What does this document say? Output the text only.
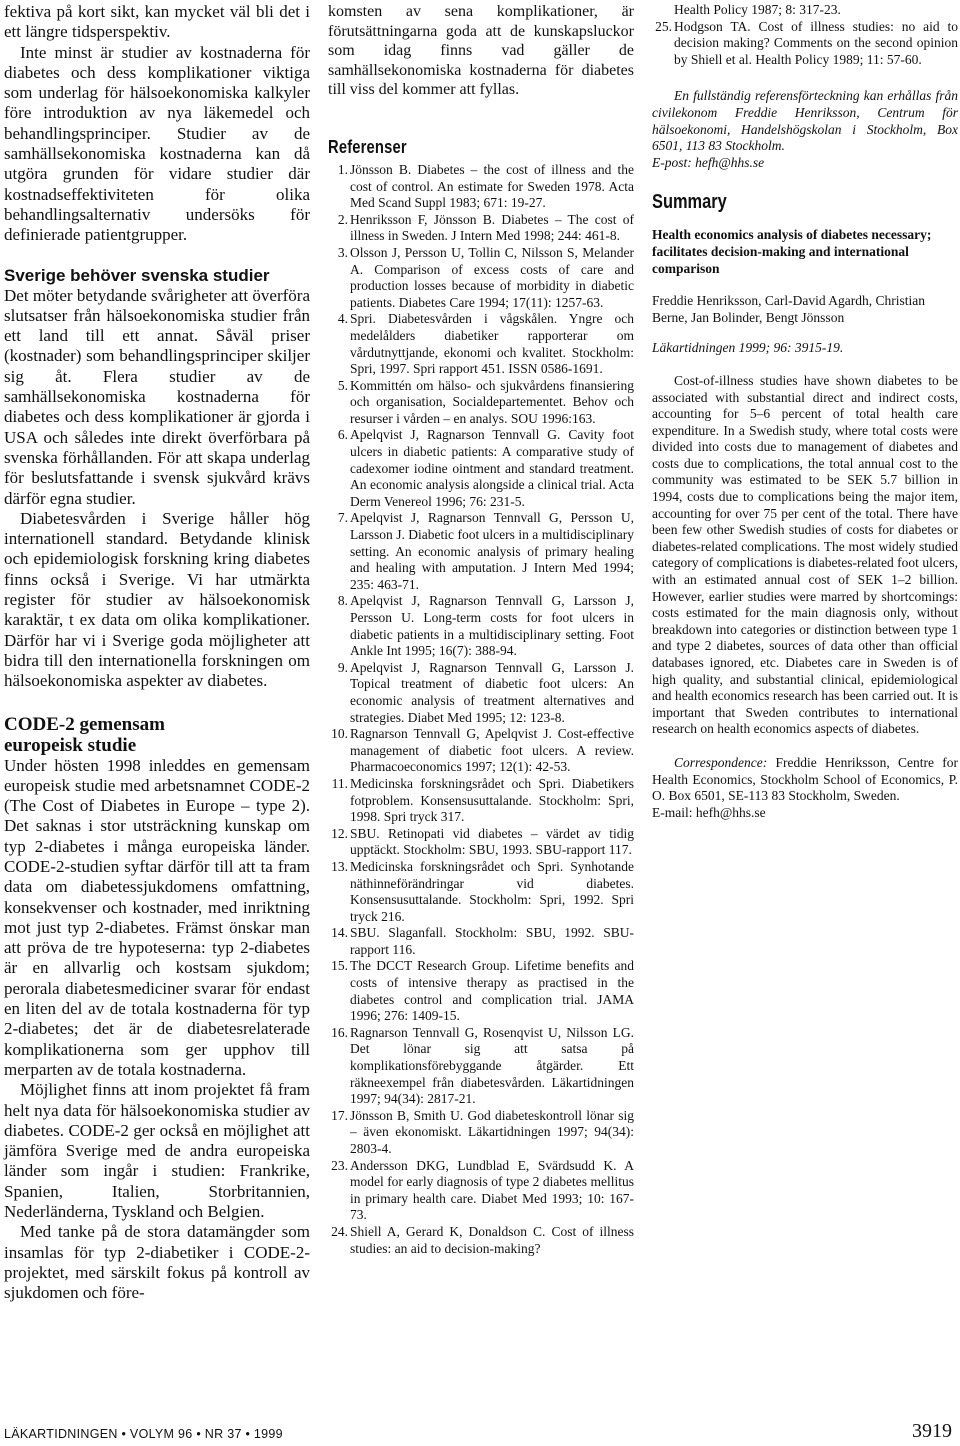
fektiva på kort sikt, kan mycket väl bli det i ett längre tidsperspektiv.

Inte minst är studier av kostnaderna för diabetes och dess komplikationer viktiga som underlag för hälsoekonomiska kalkyler före introduktion av nya läkemedel och behandlingsprinciper. Studier av de samhällsekonomiska kostnaderna kan då utgöra grunden för vidare studier där kostnadseffektiviteten för olika behandlingsalternativ undersöks för definierade patientgrupper.

Sverige behöver svenska studier

Det möter betydande svårigheter att överföra slutsatser från hälsoekonomiska studier från ett land till ett annat. Såväl priser (kostnader) som behandlingsprinciper skiljer sig åt. Flera studier av de samhällsekonomiska kostnaderna för diabetes och dess komplikationer är gjorda i USA och således inte direkt överförbara på svenska förhållanden. För att skapa underlag för beslutsfattande i svensk sjukvård krävs därför egna studier.

Diabetesvården i Sverige håller hög internationell standard. Betydande klinisk och epidemiologisk forskning kring diabetes finns också i Sverige. Vi har utmärkta register för studier av hälsoekonomisk karaktär, t ex data om olika komplikationer. Därför har vi i Sverige goda möjligheter att bidra till den internationella forskningen om hälsoekonomiska aspekter av diabetes.

CODE-2 gemensam
europeisk studie

Under hösten 1998 inleddes en gemensam europeisk studie med arbetsnamnet CODE-2 (The Cost of Diabetes in Europe – type 2). Det saknas i stor utsträckning kunskap om typ 2-diabetes i många europeiska länder. CODE-2-studien syftar därför till att ta fram data om diabetessjukdomens omfattning, konsekvenser och kostnader, med inriktning mot just typ 2-diabetes. Främst önskar man att pröva de tre hypoteserna: typ 2-diabetes är en allvarlig och kostsam sjukdom; perorala diabetesmediciner svarar för endast en liten del av de totala kostnaderna för typ 2-diabetes; det är de diabetesrelaterade komplikationerna som ger upphov till merparten av de totala kostnaderna.

Möjlighet finns att inom projektet få fram helt nya data för hälsoekonomiska studier av diabetes. CODE-2 ger också en möjlighet att jämföra Sverige med de andra europeiska länder som ingår i studien: Frankrike, Spanien, Italien, Storbritannien, Nederländerna, Tyskland och Belgien.

Med tanke på de stora datamängder som insamlas för typ 2-diabetiker i CODE-2-projektet, med särskilt fokus på kontroll av sjukdomen och före-

komsten av sena komplikationer, är förutsättningarna goda att de kunskapsluckor som idag finns vad gäller de samhällsekonomiska kostnaderna för diabetes till viss del kommer att fyllas.

Referenser
1. Jönsson B. Diabetes – the cost of illness and the cost of control. An estimate for Sweden 1978. Acta Med Scand Suppl 1983; 671: 19-27.
2. Henriksson F, Jönsson B. Diabetes – The cost of illness in Sweden. J Intern Med 1998; 244: 461-8.
3. Olsson J, Persson U, Tollin C, Nilsson S, Melander A. Comparison of excess costs of care and production losses because of morbidity in diabetic patients. Diabetes Care 1994; 17(11): 1257-63.
4. Spri. Diabetesvården i vågskålen. Yngre och medelålders diabetiker rapporterar om vårdutnyttjande, ekonomi och kvalitet. Stockholm: Spri, 1997. Spri rapport 451. ISSN 0586-1691.
5. Kommittén om hälso- och sjukvårdens finansiering och organisation, Socialdepartementet. Behov och resurser i vården – en analys. SOU 1996:163.
6. Apelqvist J, Ragnarson Tennvall G. Cavity foot ulcers in diabetic patients: A comparative study of cadexomer iodine ointment and standard treatment. An economic analysis alongside a clinical trial. Acta Derm Venereol 1996; 76: 231-5.
7. Apelqvist J, Ragnarson Tennvall G, Persson U, Larsson J. Diabetic foot ulcers in a multidisciplinary setting. An economic analysis of primary healing and healing with amputation. J Intern Med 1994; 235: 463-71.
8. Apelqvist J, Ragnarson Tennvall G, Larsson J, Persson U. Long-term costs for foot ulcers in diabetic patients in a multidisciplinary setting. Foot Ankle Int 1995; 16(7): 388-94.
9. Apelqvist J, Ragnarson Tennvall G, Larsson J. Topical treatment of diabetic foot ulcers: An economic analysis of treatment alternatives and strategies. Diabet Med 1995; 12: 123-8.
10. Ragnarson Tennvall G, Apelqvist J. Cost-effective management of diabetic foot ulcers. A review. Pharmacoeconomics 1997; 12(1): 42-53.
11. Medicinska forskningsrådet och Spri. Diabetikers fotproblem. Konsensusuttalande. Stockholm: Spri, 1998. Spri tryck 317.
12. SBU. Retinopati vid diabetes – värdet av tidig upptäckt. Stockholm: SBU, 1993. SBU-rapport 117.
13. Medicinska forskningsrådet och Spri. Synhotande näthinneförändringar vid diabetes. Konsensusuttalande. Stockholm: Spri, 1992. Spri tryck 216.
14. SBU. Slaganfall. Stockholm: SBU, 1992. SBU-rapport 116.
15. The DCCT Research Group. Lifetime benefits and costs of intensive therapy as practised in the diabetes control and complication trial. JAMA 1996; 276: 1409-15.
16. Ragnarson Tennvall G, Rosenqvist U, Nilsson LG. Det lönar sig att satsa på komplikationsförebyggande åtgärder. Ett räkneexempel från diabetesvården. Läkartidningen 1997; 94(34): 2817-21.
17. Jönsson B, Smith U. God diabeteskontroll lönar sig – även ekonomiskt. Läkartidningen 1997; 94(34): 2803-4.
23. Andersson DKG, Lundblad E, Svärdsudd K. A model for early diagnosis of type 2 diabetes mellitus in primary health care. Diabet Med 1993; 10: 167-73.
24. Shiell A, Gerard K, Donaldson C. Cost of illness studies: an aid to decision-making?
Health Policy 1987; 8: 317-23.
25. Hodgson TA. Cost of illness studies: no aid to decision making? Comments on the second opinion by Shiell et al. Health Policy 1989; 11: 57-60.

En fullständig referensförteckning kan erhållas från civilekonom Freddie Henriksson, Centrum för hälsoekonomi, Handelshögskolan i Stockholm, Box 6501, 113 83 Stockholm.

E-post: hefh@hhs.se

Summary

Health economics analysis of diabetes necessary;

facilitates decision-making and international comparison

Freddie Henriksson, Carl-David Agardh, Christian Berne, Jan Bolinder, Bengt Jönsson

Läkartidningen 1999; 96: 3915-19.

Cost-of-illness studies have shown diabetes to be associated with substantial direct and indirect costs, accounting for 5–6 percent of total health care expenditure. In a Swedish study, where total costs were divided into costs due to management of diabetes and costs due to complications, the total annual cost to the community was estimated to be SEK 5.7 billion in 1994, costs due to complications being the major item, accounting for over 75 per cent of the total. There have been few other Swedish studies of costs for diabetes or diabetes-related complications. The most widely studied category of complications is diabetes-related foot ulcers, with an estimated annual cost of SEK 1–2 billion. However, earlier studies were marred by shortcomings: costs estimated for the main diagnosis only, without breakdown into categories or distinction between type 1 and type 2 diabetes, sources of data other than official databases ignored, etc. Diabetes care in Sweden is of high quality, and substantial clinical, epidemiological and health economics research has been carried out. It is important that Sweden contributes to international research on health economics aspects of diabetes.

Correspondence: Freddie Henriksson, Centre for Health Economics, Stockholm School of Economics, P. O. Box 6501, SE-113 83 Stockholm, Sweden.

E-mail: hefh@hhs.se

LÄKARTIDNINGEN • VOLYM 96 • NR 37 • 1999	3919
